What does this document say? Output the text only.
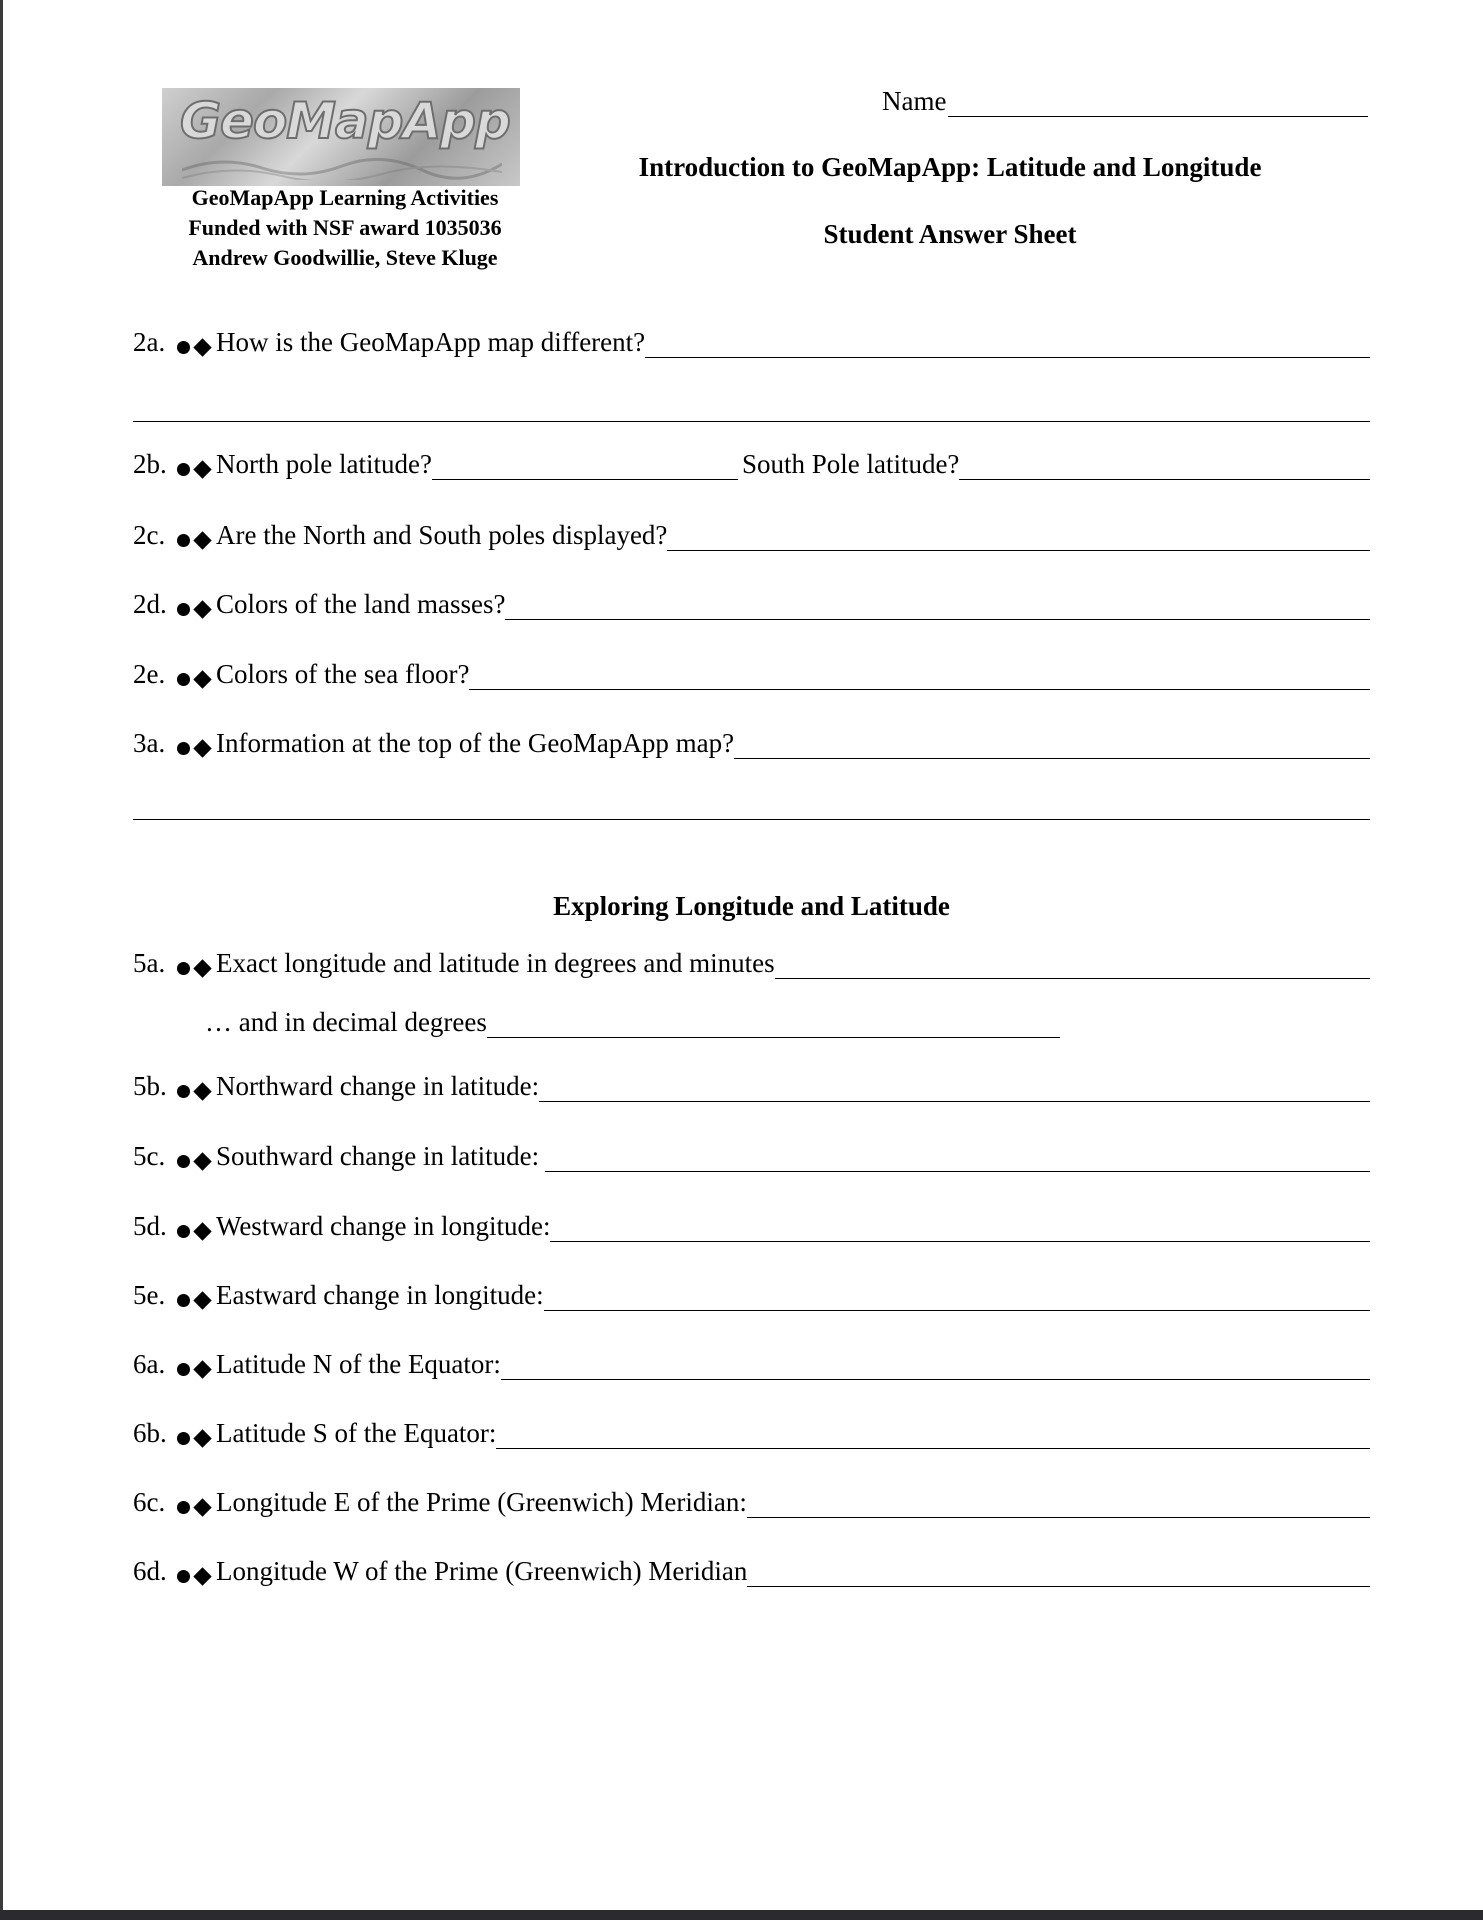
GeoMapApp
GeoMapApp Learning Activities
Funded with NSF award 1035036
Andrew Goodwillie, Steve Kluge
Name
Introduction to GeoMapApp: Latitude and Longitude
Student Answer Sheet
2a.	How is the GeoMapApp map different?
2b.	North pole latitude?	South Pole latitude?
2c.	Are the North and South poles displayed?
2d.	Colors of the land masses?
2e.	Colors of the sea floor?
3a.	Information at the top of the GeoMapApp map?
Exploring Longitude and Latitude
5a.	Exact longitude and latitude in degrees and minutes
… and in decimal degrees
5b.	Northward change in latitude:
5c.	Southward change in latitude:
5d.	Westward change in longitude:
5e.	Eastward change in longitude:
6a.	Latitude N of the Equator:
6b.	Latitude S of the Equator:
6c.	Longitude E of the Prime (Greenwich) Meridian:
6d.	Longitude W of the Prime (Greenwich) Meridian
